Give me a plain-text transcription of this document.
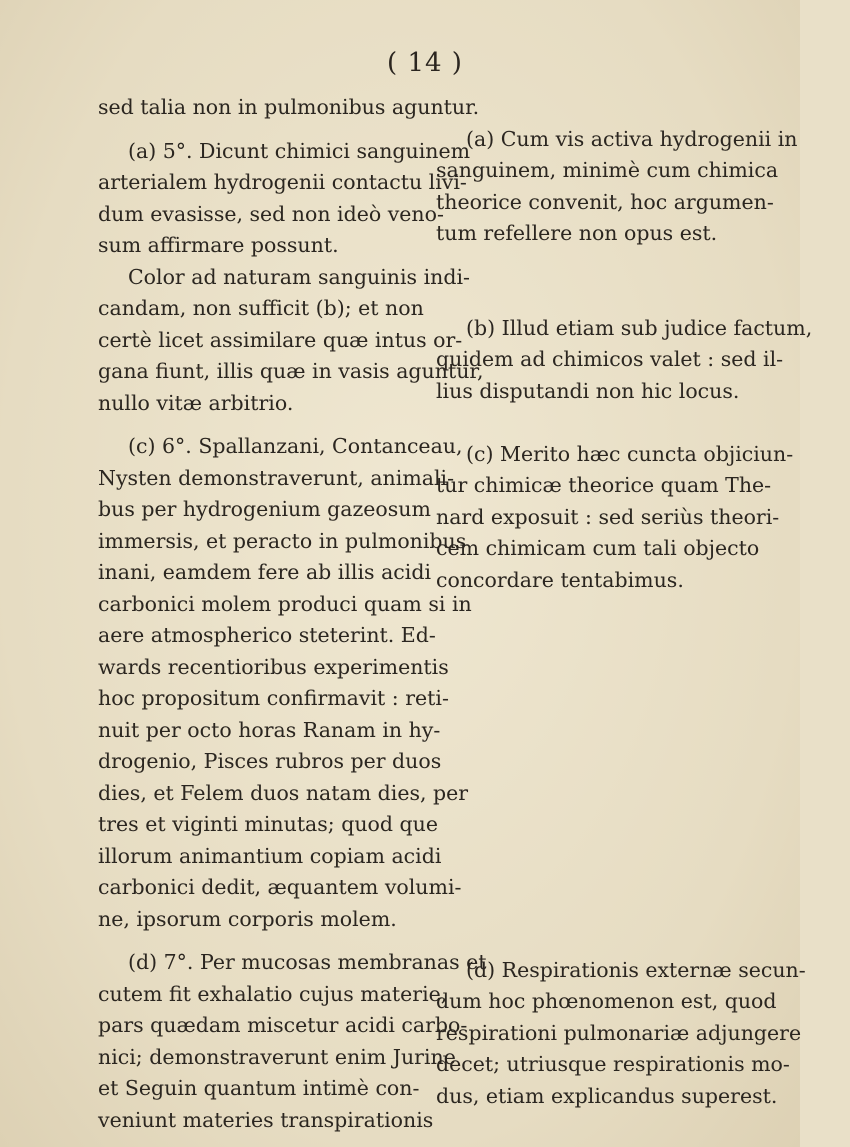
( 14 )
sed talia non in pulmonibus aguntur.
(a) 5°. Dicunt chimici sanguinem
arterialem hydrogenii contactu livi-
dum evasisse, sed non ideò veno-
sum affirmare possunt.
Color ad naturam sanguinis indi-
candam, non sufficit (b); et non
certè licet assimilare quæ intus or-
gana fiunt, illis quæ in vasis aguntur,
nullo vitæ arbitrio.
(c) 6°. Spallanzani, Contanceau,
Nysten demonstraverunt, animali-
bus per hydrogenium gazeosum
immersis, et peracto in pulmonibus
inani, eamdem fere ab illis acidi
carbonici molem produci quam si in
aere atmospherico steterint. Ed-
wards recentioribus experimentis
hoc propositum confirmavit : reti-
nuit per octo horas Ranam in hy-
drogenio, Pisces rubros per duos
dies, et Felem duos natam dies, per
tres et viginti minutas; quod que
illorum animantium copiam acidi
carbonici dedit, æquantem volumi-
ne, ipsorum corporis molem.
(d) 7°. Per mucosas membranas et
cutem fit exhalatio cujus materie,
pars quædam miscetur acidi carbo-
nici; demonstraverunt enim Jurine
et Seguin quantum intimè con-
veniunt materies transpirationis

(a) Cum vis activa hydrogenii in
sanguinem, minimè cum chimica
theorice convenit, hoc argumen-
tum refellere non opus est.

(b) Illud etiam sub judice factum,
quidem ad chimicos valet : sed il-
lius disputandi non hic locus.

(c) Merito hæc cuncta objiciun-
tur chimicæ theorice quam The-
nard exposuit : sed seriùs theori-
cem chimicam cum tali objecto
concordare tentabimus.

(d) Respirationis externæ secun-
dum hoc phœnomenon est, quod
respirationi pulmonariæ adjungere
decet; utriusque respirationis mo-
dus, etiam explicandus superest.
